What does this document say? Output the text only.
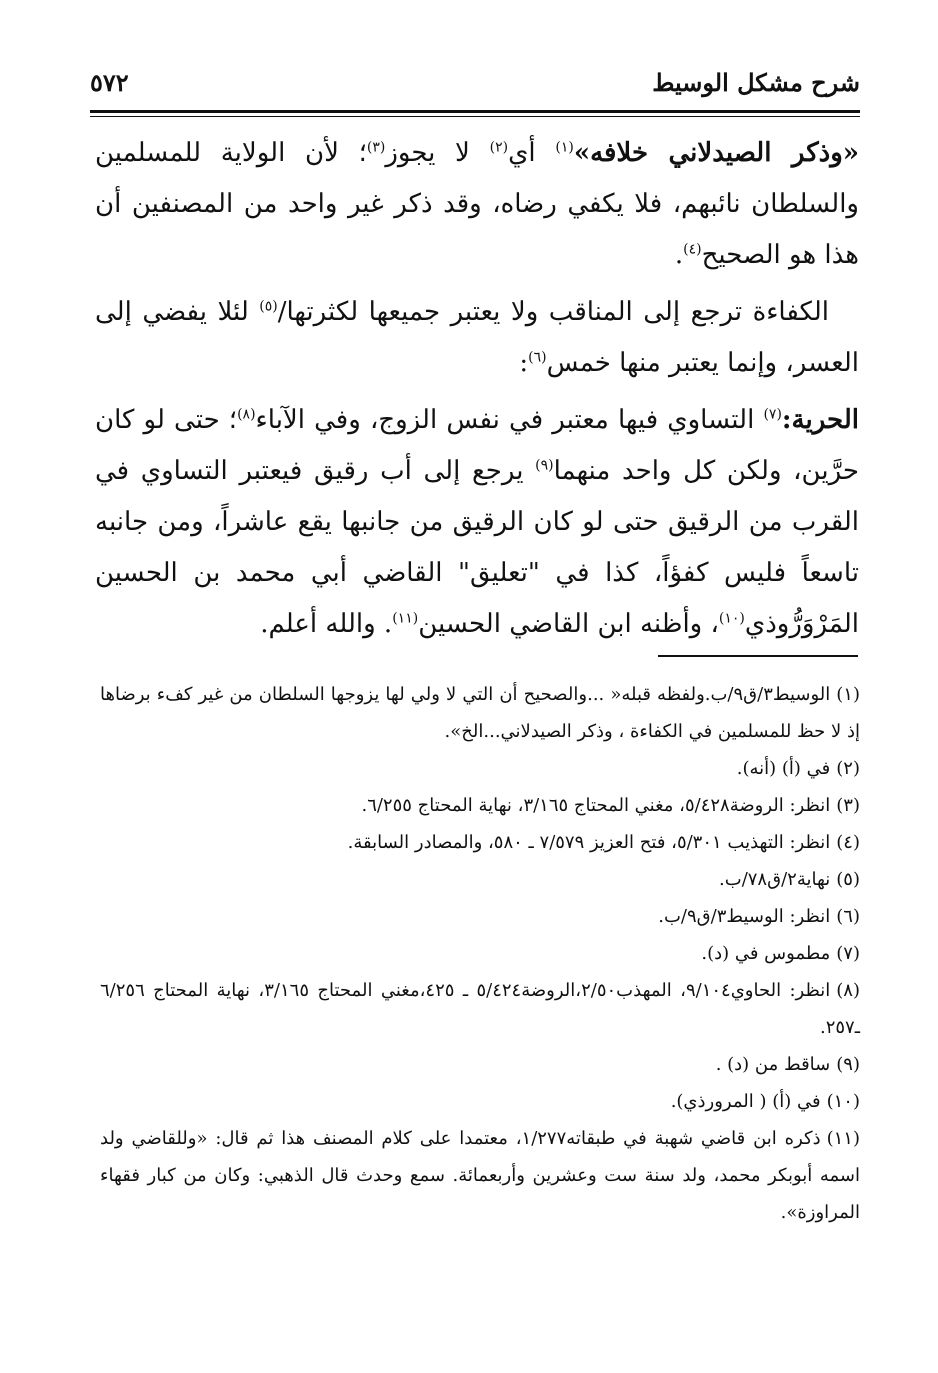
شرح مشكل الوسيط
٥٧٢

«وذكر الصيدلاني خلافه»$^{(١)}$ أي$^{(٢)}$ لا يجوز$^{(٣)}$؛ لأن الولاية للمسلمين والسلطان نائبهم، فلا يكفي رضاه، وقد ذكر غير واحد من المصنفين أن هذا هو الصحيح$^{(٤)}$.

الكفاءة ترجع إلى المناقب ولا يعتبر جميعها لكثرتها/$^{(٥)}$ لئلا يفضي إلى العسر، وإنما يعتبر منها خمس$^{(٦)}$:

الحرية:$^{(٧)}$ التساوي فيها معتبر في نفس الزوج، وفي الآباء$^{(٨)}$؛ حتى لو كان حرَّين، ولكن كل واحد منهما$^{(٩)}$ يرجع إلى أب رقيق فيعتبر التساوي في القرب من الرقيق حتى لو كان الرقيق من جانبها يقع عاشراً، ومن جانبه تاسعاً فليس كفؤاً، كذا في "تعليق" القاضي أبي محمد بن الحسين المَرْوَرُّوذي$^{(١٠)}$، وأظنه ابن القاضي الحسين$^{(١١)}$. والله أعلم.

(١)الوسيط٣/ق٩/ب.ولفظه قبله« ...والصحيح أن التي لا ولي لها يزوجها السلطان من غير كفء برضاها إذ لا حظ للمسلمين في الكفاءة ، وذكر الصيدلاني...الخ».

(٢)في (أ) (أنه).

(٣)انظر: الروضة٥/٤٢٨، مغني المحتاج ٣/١٦٥، نهاية المحتاج ٦/٢٥٥.

(٤)انظر: التهذيب ٥/٣٠١، فتح العزيز ٧/٥٧٩ ـ ٥٨٠، والمصادر السابقة.

(٥)نهاية٢/ق٧٨/ب.

(٦)انظر: الوسيط٣/ق٩/ب.

(٧)مطموس في (د).

(٨)انظر: الحاوي٩/١٠٤، المهذب٢/٥٠،الروضة٥/٤٢٤ ـ ٤٢٥،مغني المحتاج ٣/١٦٥، نهاية المحتاج ٦/٢٥٦ ـ٢٥٧.

(٩)ساقط من (د) .

(١٠)في (أ) ( المرورذي).

(١١)ذكره ابن قاضي شهبة في طبقاته١/٢٧٧، معتمدا على كلام المصنف هذا ثم قال: «وللقاضي ولد اسمه أبوبكر محمد، ولد سنة ست وعشرين وأربعمائة. سمع وحدث قال الذهبي: وكان من كبار فقهاء المراوزة».
